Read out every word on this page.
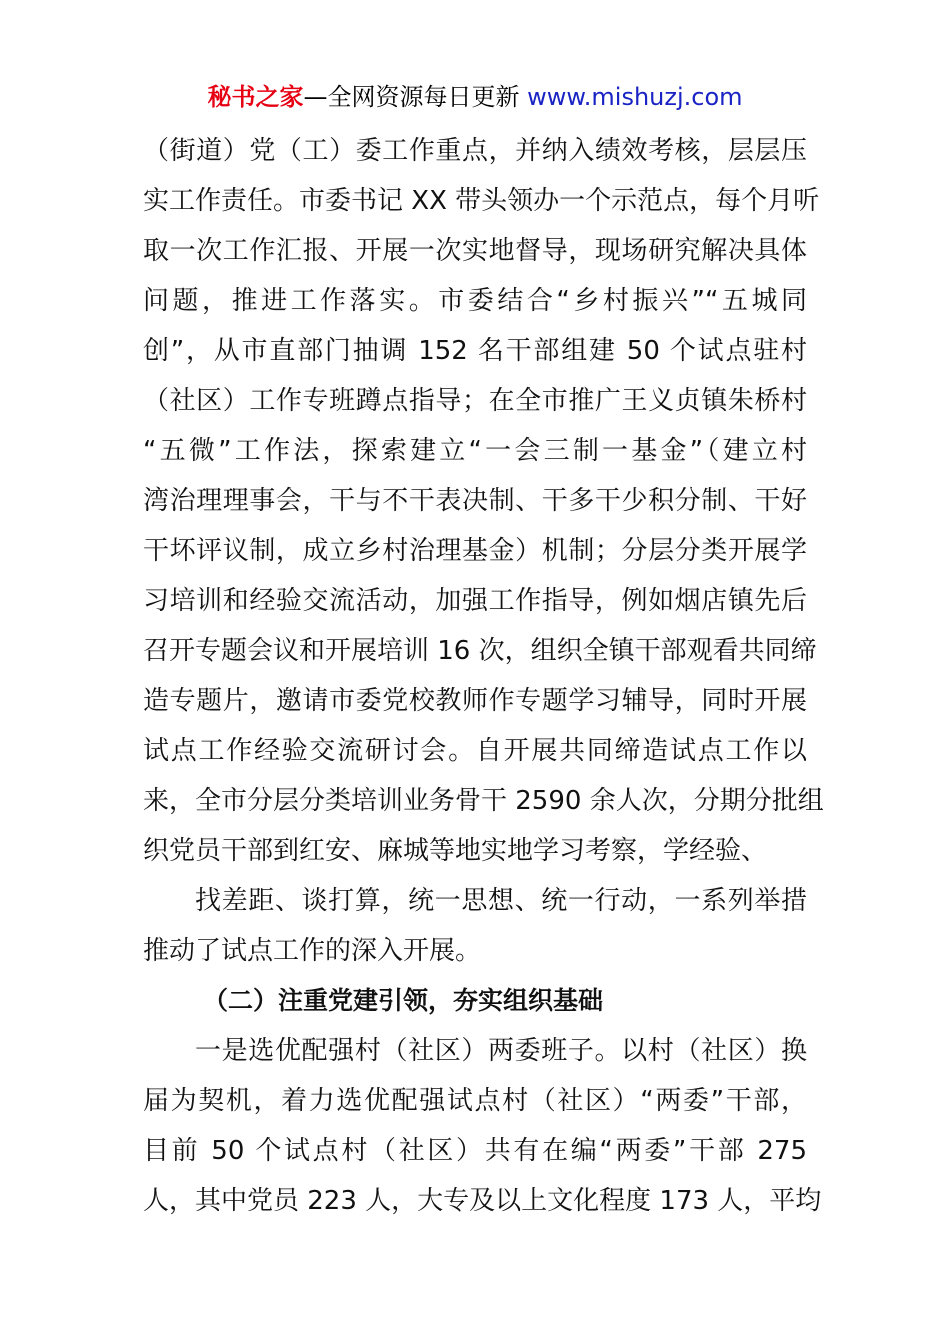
秘书之家—全网资源每日更新 www.mishuzj.com
（街道）党（工）委工作重点，并纳入绩效考核，层层压
实工作责任。市委书记 XX 带头领办一个示范点，每个月听
取一次工作汇报、开展一次实地督导，现场研究解决具体
问题，推进工作落实。市委结合“乡村振兴”“五城同
创”，从市直部门抽调 152 名干部组建 50 个试点驻村
（社区）工作专班蹲点指导；在全市推广王义贞镇朱桥村
“五微”工作法，探索建立“一会三制一基金”（建立村
湾治理理事会，干与不干表决制、干多干少积分制、干好
干坏评议制，成立乡村治理基金）机制；分层分类开展学
习培训和经验交流活动，加强工作指导，例如烟店镇先后
召开专题会议和开展培训 16 次，组织全镇干部观看共同缔
造专题片，邀请市委党校教师作专题学习辅导，同时开展
试点工作经验交流研讨会。自开展共同缔造试点工作以
来，全市分层分类培训业务骨干 2590 余人次，分期分批组
织党员干部到红安、麻城等地实地学习考察，学经验、
找差距、谈打算，统一思想、统一行动，一系列举措
推动了试点工作的深入开展。
（二）注重党建引领，夯实组织基础
一是选优配强村（社区）两委班子。以村（社区）换
届为契机，着力选优配强试点村（社区）“两委”干部，
目前 50 个试点村（社区）共有在编“两委”干部 275
人，其中党员 223 人，大专及以上文化程度 173 人，平均
